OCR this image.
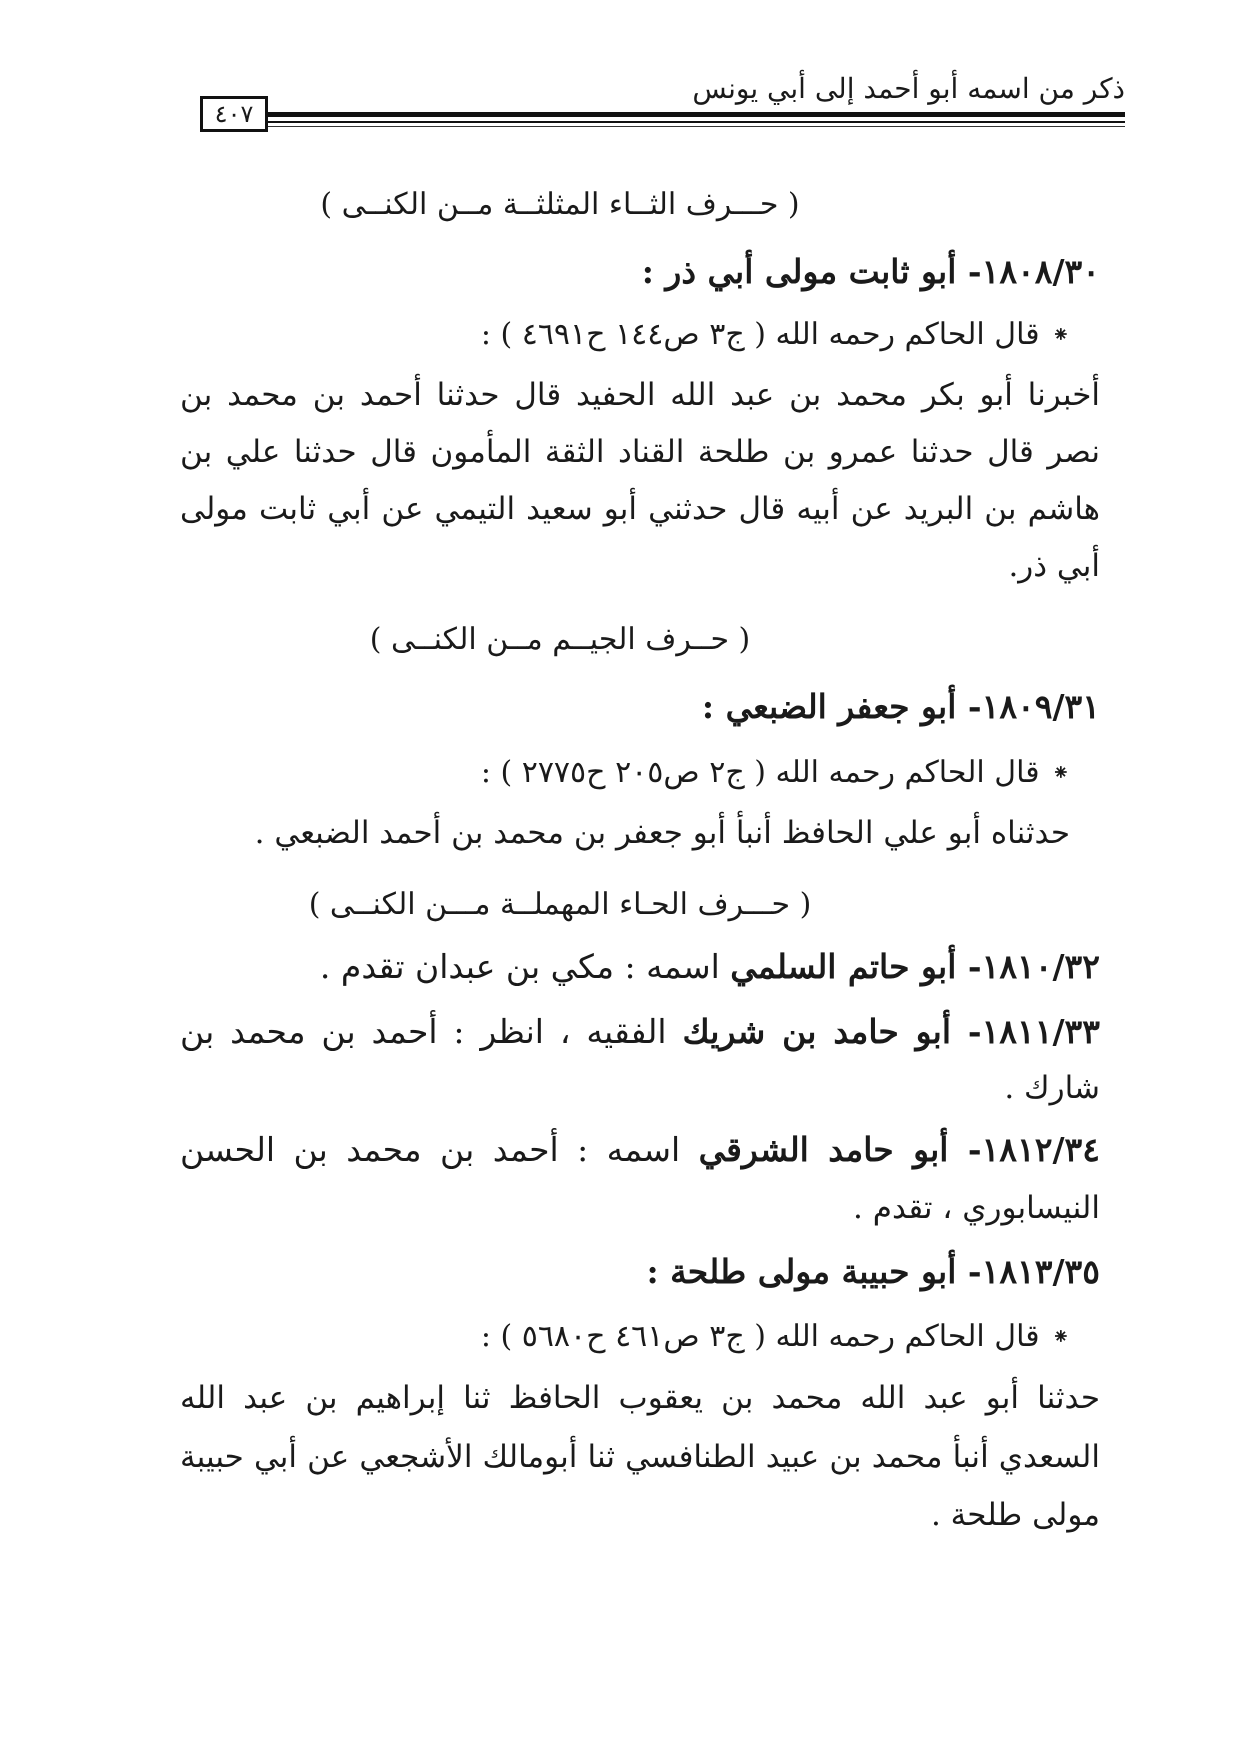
٤٠٧
ذكر من اسمه أبو أحمد إلى أبي يونس
( حـــرف الثــاء المثلثــة مــن الكنــى )
١٨٠٨/٣٠- أبو ثابت مولى أبي ذر :
⁕قال الحاكم رحمه الله ( ج٣ ص١٤٤ ح٤٦٩١ ) :
أخبرنا أبو بكر محمد بن عبد الله الحفيد قال حدثنا أحمد بن محمد بن
نصر قال حدثنا عمرو بن طلحة القناد الثقة المأمون قال حدثنا علي بن
هاشم بن البريد عن أبيه قال حدثني أبو سعيد التيمي عن أبي ثابت مولى
أبي ذر.
( حــرف الجيــم مــن الكنــى )
١٨٠٩/٣١- أبو جعفر الضبعي :
⁕قال الحاكم رحمه الله ( ج٢ ص٢٠٥ ح٢٧٧٥ ) :
حدثناه أبو علي الحافظ أنبأ أبو جعفر بن محمد بن أحمد الضبعي .
( حـــرف الحـاء المهملــة مـــن الكنــى )
١٨١٠/٣٢- أبو حاتم السلمي اسمه : مكي بن عبدان تقدم .
١٨١١/٣٣- أبو حامد بن شريك الفقيه ، انظر : أحمد بن محمد بن
شارك .
١٨١٢/٣٤- أبو حامد الشرقي اسمه : أحمد بن محمد بن الحسن
النيسابوري ، تقدم .
١٨١٣/٣٥- أبو حبيبة مولى طلحة :
⁕قال الحاكم رحمه الله ( ج٣ ص٤٦١ ح٥٦٨٠ ) :
حدثنا أبو عبد الله محمد بن يعقوب الحافظ ثنا إبراهيم بن عبد الله
السعدي أنبأ محمد بن عبيد الطنافسي ثنا أبومالك الأشجعي عن أبي حبيبة
مولى طلحة .
